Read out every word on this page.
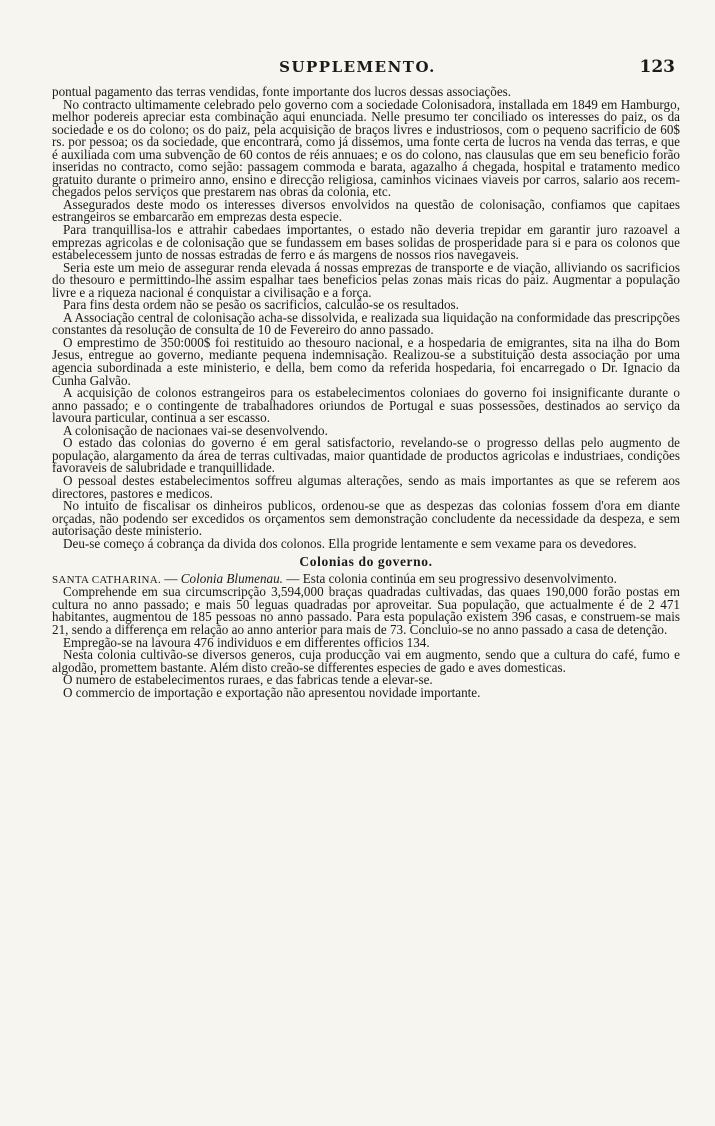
SUPPLEMENTO.	123

pontual pagamento das terras vendidas, fonte importante dos lucros dessas associações.

No contracto ultimamente celebrado pelo governo com a sociedade Colonisadora, installada em 1849 em Hamburgo, melhor podereis apreciar esta combinação aqui enunciada. Nelle presumo ter conciliado os interesses do paiz, os da sociedade e os do colono; os do paiz, pela acquisição de braços livres e industriosos, com o pequeno sacrificio de 60$ rs. por pessoa; os da sociedade, que encontrará, como já dissemos, uma fonte certa de lucros na venda das terras, e que é auxiliada com uma subvenção de 60 contos de réis annuaes; e os do colono, nas clausulas que em seu beneficio forão inseridas no contracto, como sejão: passagem commoda e barata, agazalho á chegada, hospital e tratamento medico gratuito durante o primeiro anno, ensino e direcção religiosa, caminhos vicinaes viaveis por carros, salario aos recem-chegados pelos serviços que prestarem nas obras da colonia, etc.

Assegurados deste modo os interesses diversos envolvidos na questão de colonisação, confiamos que capitaes estrangeiros se embarcarão em emprezas desta especie.

Para tranquillisa-los e attrahir cabedaes importantes, o estado não deveria trepidar em garantir juro razoavel a emprezas agricolas e de colonisação que se fundassem em bases solidas de prosperidade para si e para os colonos que estabelecessem junto de nossas estradas de ferro e ás margens de nossos rios navegaveis.

Seria este um meio de assegurar renda elevada á nossas emprezas de transporte e de viação, alliviando os sacrificios do thesouro e permittindo-lhe assim espalhar taes beneficios pelas zonas mais ricas do paiz. Augmentar a população livre e a riqueza nacional é conquistar a civilisação e a força.

Para fins desta ordem não se pesão os sacrificios, calculão-se os resultados.

A Associação central de colonisação acha-se dissolvida, e realizada sua liquidação na conformidade das prescripções constantes da resolução de consulta de 10 de Fevereiro do anno passado.

O emprestimo de 350:000$ foi restituido ao thesouro nacional, e a hospedaria de emigrantes, sita na ilha do Bom Jesus, entregue ao governo, mediante pequena indemnisação. Realizou-se a substituição desta associação por uma agencia subordinada a este ministerio, e della, bem como da referida hospedaria, foi encarregado o Dr. Ignacio da Cunha Galvão.

A acquisição de colonos estrangeiros para os estabelecimentos coloniaes do governo foi insignificante durante o anno passado; e o contingente de trabalhadores oriundos de Portugal e suas possessões, destinados ao serviço da lavoura particular, continua a ser escasso.

A colonisação de nacionaes vai-se desenvolvendo.

O estado das colonias do governo é em geral satisfactorio, revelando-se o progresso dellas pelo augmento de população, alargamento da área de terras cultivadas, maior quantidade de productos agricolas e industriaes, condições favoraveis de salubridade e tranquillidade.

O pessoal destes estabelecimentos soffreu algumas alterações, sendo as mais importantes as que se referem aos directores, pastores e medicos.

No intuito de fiscalisar os dinheiros publicos, ordenou-se que as despezas das colonias fossem d'ora em diante orçadas, não podendo ser excedidos os orçamentos sem demonstração concludente da necessidade da despeza, e sem autorisação deste ministerio.

Deu-se começo á cobrança da divida dos colonos. Ella progride lentamente e sem vexame para os devedores.

Colonias do governo.

SANTA CATHARINA. — Colonia Blumenau. — Esta colonia continúa em seu progressivo desenvolvimento.

Comprehende em sua circumscripção 3,594,000 braças quadradas cultivadas, das quaes 190,000 forão postas em cultura no anno passado; e mais 50 leguas quadradas por aproveitar. Sua população, que actualmente é de 2 471 habitantes, augmentou de 185 pessoas no anno passado. Para esta população existem 396 casas, e construem-se mais 21, sendo a differença em relação ao anno anterior para mais de 73. Concluio-se no anno passado a casa de detenção.

Empregão-se na lavoura 476 individuos e em differentes officios 134.

Nesta colonia cultivão-se diversos generos, cuja producção vai em augmento, sendo que a cultura do café, fumo e algodão, promettem bastante. Além disto creão-se differentes especies de gado e aves domesticas.

O numero de estabelecimentos ruraes, e das fabricas tende a elevar-se.

O commercio de importação e exportação não apresentou novidade importante.
